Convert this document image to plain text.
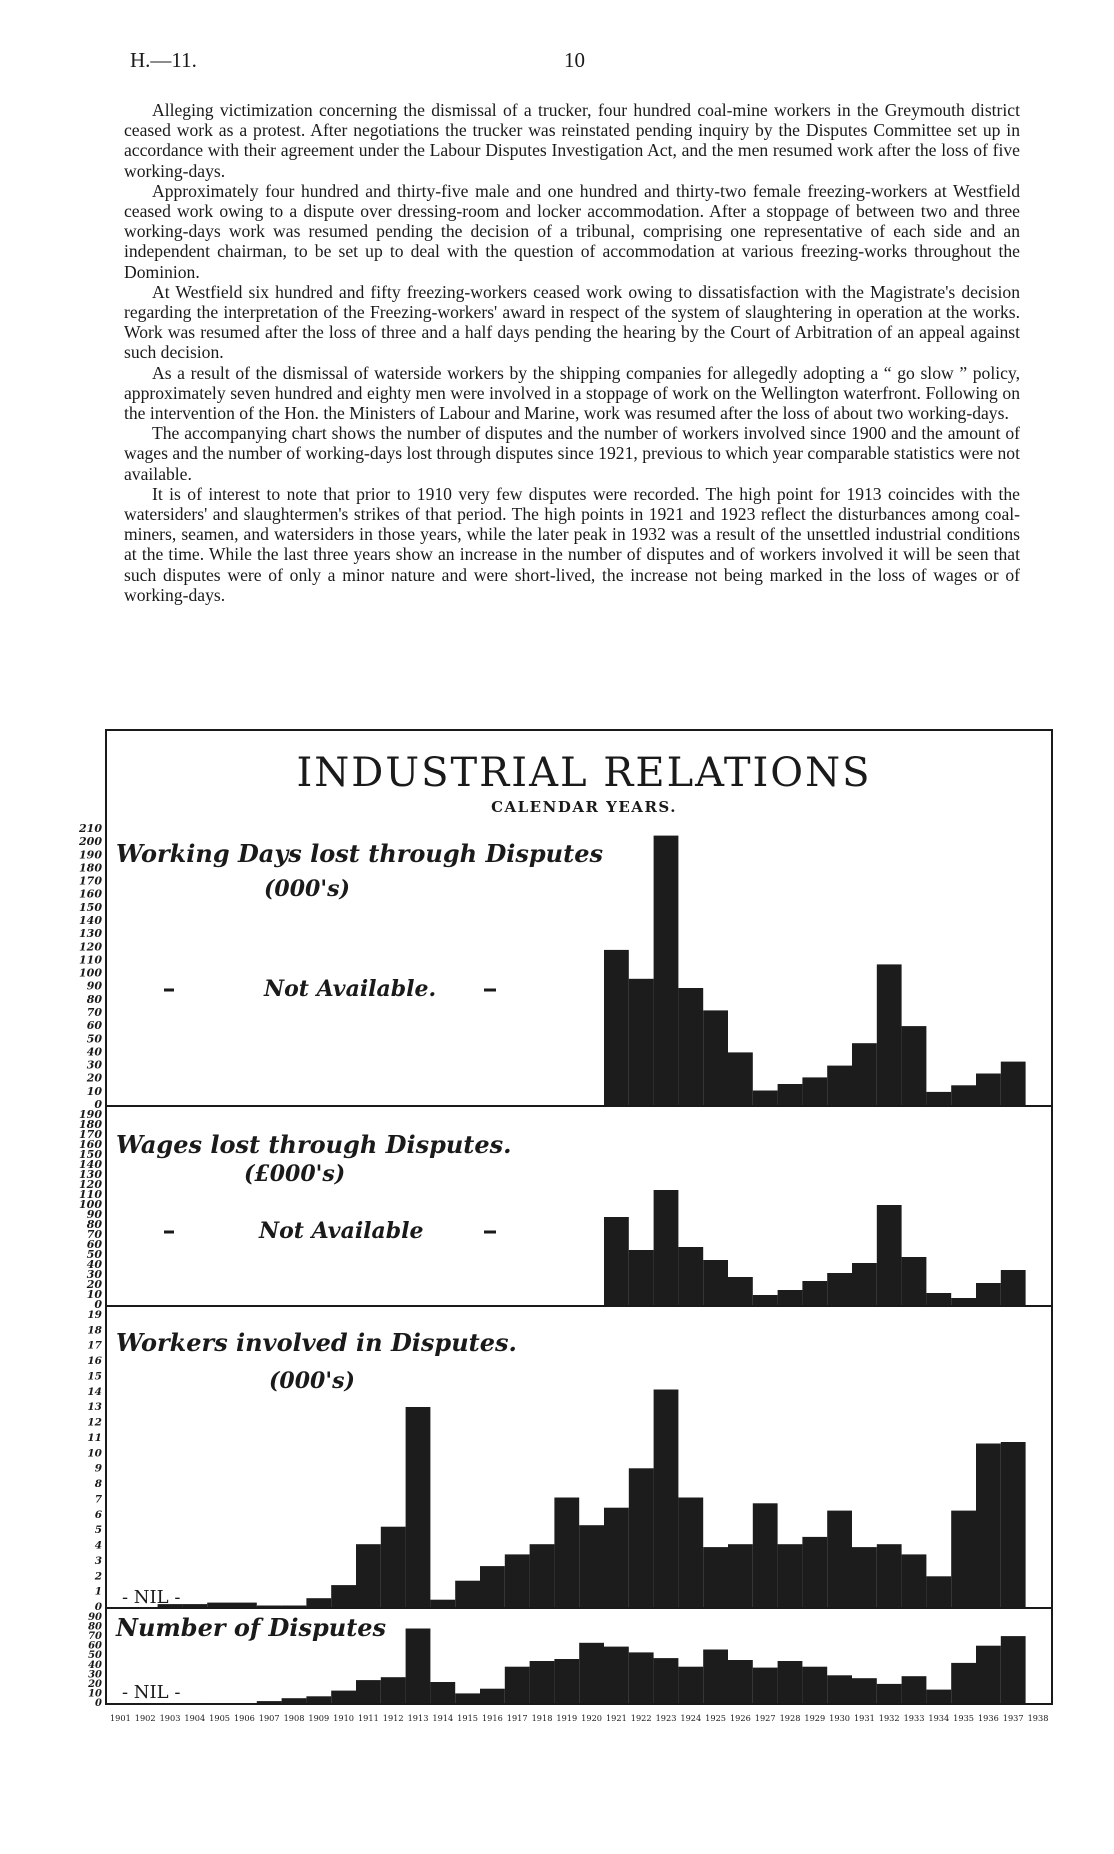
H.—11.	10

Alleging victimization concerning the dismissal of a trucker, four hundred coal-mine workers in the Greymouth district ceased work as a protest. After negotiations the trucker was reinstated pending inquiry by the Disputes Committee set up in accordance with their agreement under the Labour Disputes Investigation Act, and the men resumed work after the loss of five working-days.

Approximately four hundred and thirty-five male and one hundred and thirty-two female freezing-workers at Westfield ceased work owing to a dispute over dressing-room and locker accommodation. After a stoppage of between two and three working-days work was resumed pending the decision of a tribunal, comprising one representative of each side and an independent chairman, to be set up to deal with the question of accommodation at various freezing-works throughout the Dominion.

At Westfield six hundred and fifty freezing-workers ceased work owing to dissatisfaction with the Magistrate's decision regarding the interpretation of the Freezing-workers' award in respect of the system of slaughtering in operation at the works. Work was resumed after the loss of three and a half days pending the hearing by the Court of Arbitration of an appeal against such decision.

As a result of the dismissal of waterside workers by the shipping companies for allegedly adopting a “ go slow ” policy, approximately seven hundred and eighty men were involved in a stoppage of work on the Wellington waterfront. Following on the intervention of the Hon. the Ministers of Labour and Marine, work was resumed after the loss of about two working-days.

The accompanying chart shows the number of disputes and the number of workers involved since 1900 and the amount of wages and the number of working-days lost through disputes since 1921, previous to which year comparable statistics were not available.

It is of interest to note that prior to 1910 very few disputes were recorded. The high point for 1913 coincides with the watersiders' and slaughtermen's strikes of that period. The high points in 1921 and 1923 reflect the disturbances among coal-miners, seamen, and watersiders in those years, while the later peak in 1932 was a result of the unsettled industrial conditions at the time. While the last three years show an increase in the number of disputes and of workers involved it will be seen that such disputes were of only a minor nature and were short-lived, the increase not being marked in the loss of wages or of working-days.

INDUSTRIAL RELATIONS
CALENDAR YEARS.
210
200
190
180
170
160
150
140
130
120
110
100
90
80
70
60
50
40
30
20
10
0
Working Days lost through Disputes
(000's)
Not Available.
190
180
170
160
150
140
130
120
110
100
90
80
70
60
50
40
30
20
10
0
Wages lost through Disputes.
(£000's)
Not Available
19
18
17
16
15
14
13
12
11
10
9
8
7
6
5
4
3
2
1
0
Workers involved in Disputes.
(000's)
- NIL -
90
80
70
60
50
40
30
20
10
0
Number of Disputes
- NIL -
1901 1902 1903 1904 1905 1906 1907 1908 1909 1910 1911 1912 1913 1914 1915 1916 1917 1918 1919 1920 1921 1922 1923 1924 1925 1926 1927 1928 1929 1930 1931 1932 1933 1934 1935 1936 1937 1938
